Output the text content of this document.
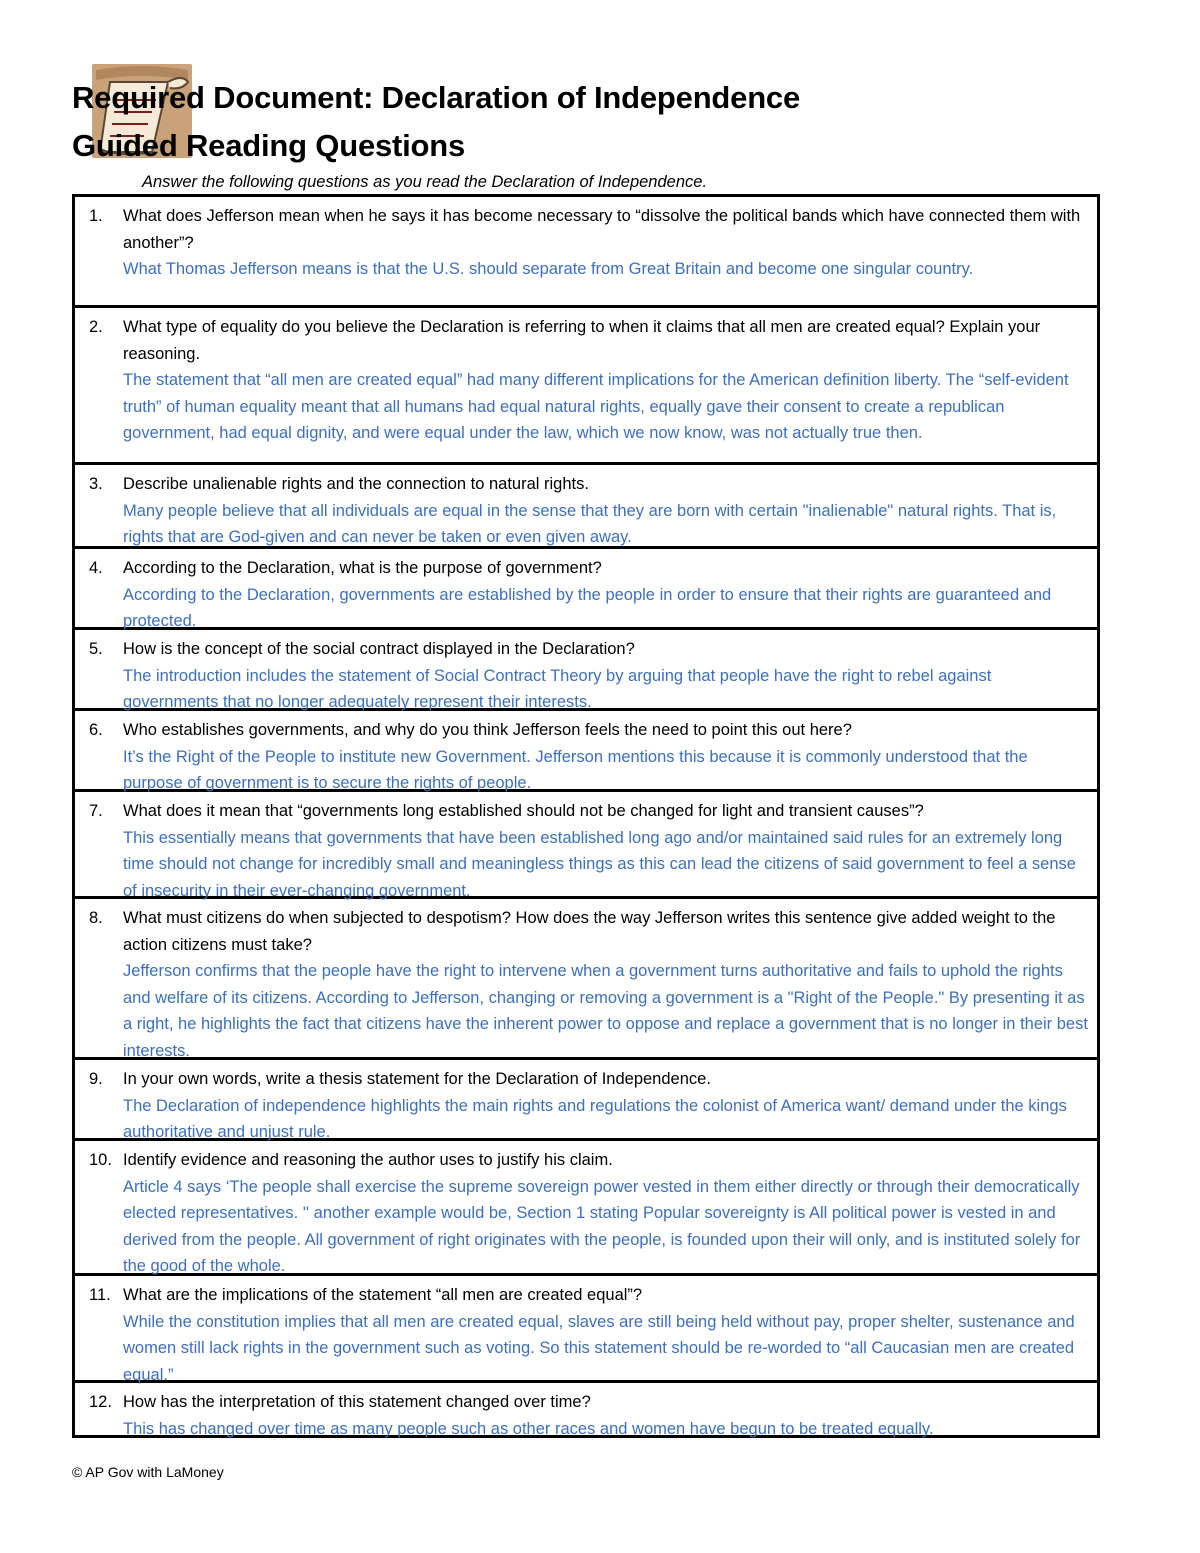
Required Document: Declaration of Independence
Guided Reading Questions
Answer the following questions as you read the Declaration of Independence.
1. What does Jefferson mean when he says it has become necessary to “dissolve the political bands which have connected them with another”?
What Thomas Jefferson means is that the U.S. should separate from Great Britain and become one singular country.
2. What type of equality do you believe the Declaration is referring to when it claims that all men are created equal? Explain your reasoning.
The statement that “all men are created equal” had many different implications for the American definition liberty. The “self-evident truth” of human equality meant that all humans had equal natural rights, equally gave their consent to create a republican government, had equal dignity, and were equal under the law, which we now know, was not actually true then.
3. Describe unalienable rights and the connection to natural rights.
Many people believe that all individuals are equal in the sense that they are born with certain "inalienable" natural rights. That is, rights that are God-given and can never be taken or even given away.
4. According to the Declaration, what is the purpose of government?
According to the Declaration, governments are established by the people in order to ensure that their rights are guaranteed and protected.
5. How is the concept of the social contract displayed in the Declaration?
The introduction includes the statement of Social Contract Theory by arguing that people have the right to rebel against governments that no longer adequately represent their interests.
6. Who establishes governments, and why do you think Jefferson feels the need to point this out here?
It’s the Right of the People to institute new Government. Jefferson mentions this because it is commonly understood that the purpose of government is to secure the rights of people.
7. What does it mean that “governments long established should not be changed for light and transient causes”?
This essentially means that governments that have been established long ago and/or maintained said rules for an extremely long time should not change for incredibly small and meaningless things as this can lead the citizens of said government to feel a sense of insecurity in their ever-changing government.
8. What must citizens do when subjected to despotism? How does the way Jefferson writes this sentence give added weight to the action citizens must take?
Jefferson confirms that the people have the right to intervene when a government turns authoritative and fails to uphold the rights and welfare of its citizens. According to Jefferson, changing or removing a government is a "Right of the People." By presenting it as a right, he highlights the fact that citizens have the inherent power to oppose and replace a government that is no longer in their best interests.
9. In your own words, write a thesis statement for the Declaration of Independence.
The Declaration of independence highlights the main rights and regulations the colonist of America want/ demand under the kings authoritative and unjust rule.
10. Identify evidence and reasoning the author uses to justify his claim.
Article 4 says ‘The people shall exercise the supreme sovereign power vested in them either directly or through their democratically elected representatives. '' another example would be, Section 1 stating Popular sovereignty is All political power is vested in and derived from the people. All government of right originates with the people, is founded upon their will only, and is instituted solely for the good of the whole.
11. What are the implications of the statement “all men are created equal”?
While the constitution implies that all men are created equal, slaves are still being held without pay, proper shelter, sustenance and women still lack rights in the government such as voting. So this statement should be re-worded to “all Caucasian men are created equal.”
12. How has the interpretation of this statement changed over time?
This has changed over time as many people such as other races and women have begun to be treated equally.
© AP Gov with LaMoney
